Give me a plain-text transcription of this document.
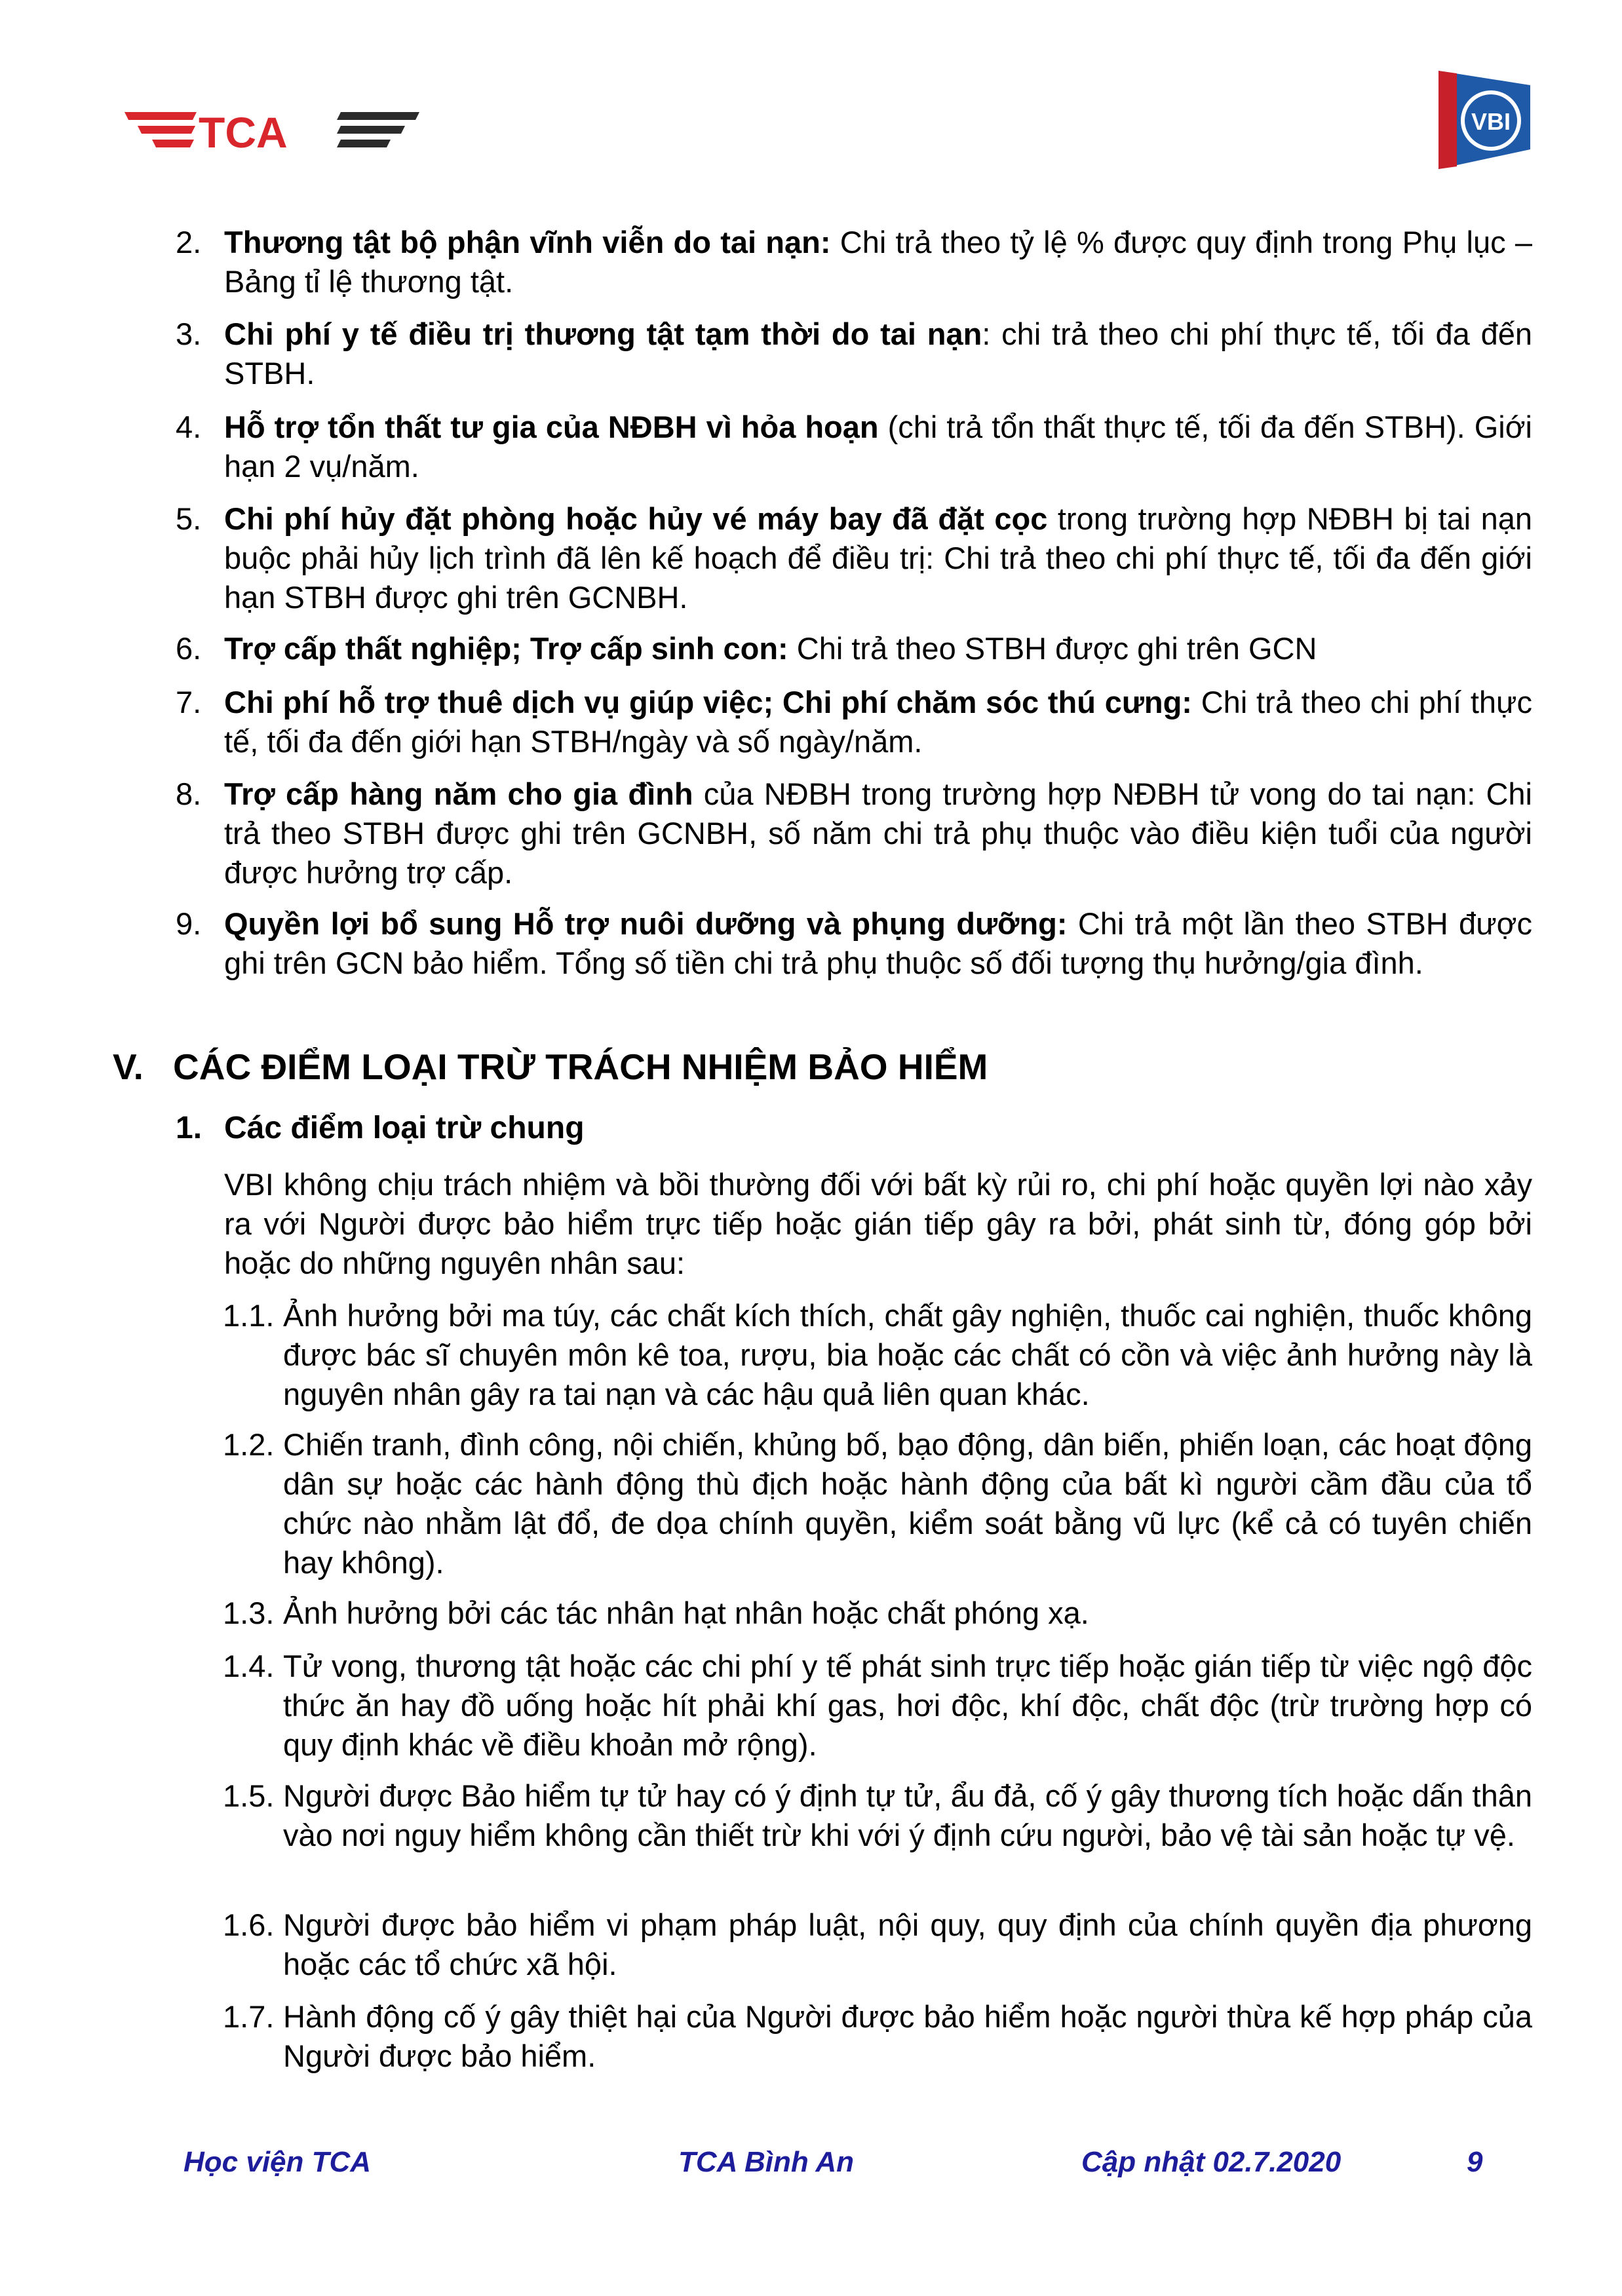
TCA	VBI
2. Thương tật bộ phận vĩnh viễn do tai nạn: Chi trả theo tỷ lệ % được quy định trong Phụ lục – Bảng tỉ lệ thương tật.
3. Chi phí y tế điều trị thương tật tạm thời do tai nạn: chi trả theo chi phí thực tế, tối đa đến STBH.
4. Hỗ trợ tổn thất tư gia của NĐBH vì hỏa hoạn (chi trả tổn thất thực tế, tối đa đến STBH). Giới hạn 2 vụ/năm.
5. Chi phí hủy đặt phòng hoặc hủy vé máy bay đã đặt cọc trong trường hợp NĐBH bị tai nạn buộc phải hủy lịch trình đã lên kế hoạch để điều trị: Chi trả theo chi phí thực tế, tối đa đến giới hạn STBH được ghi trên GCNBH.
6. Trợ cấp thất nghiệp; Trợ cấp sinh con: Chi trả theo STBH được ghi trên GCN
7. Chi phí hỗ trợ thuê dịch vụ giúp việc; Chi phí chăm sóc thú cưng: Chi trả theo chi phí thực tế, tối đa đến giới hạn STBH/ngày và số ngày/năm.
8. Trợ cấp hàng năm cho gia đình của NĐBH trong trường hợp NĐBH tử vong do tai nạn: Chi trả theo STBH được ghi trên GCNBH, số năm chi trả phụ thuộc vào điều kiện tuổi của người được hưởng trợ cấp.
9. Quyền lợi bổ sung Hỗ trợ nuôi dưỡng và phụng dưỡng: Chi trả một lần theo STBH được ghi trên GCN bảo hiểm. Tổng số tiền chi trả phụ thuộc số đối tượng thụ hưởng/gia đình.
V. CÁC ĐIỂM LOẠI TRỪ TRÁCH NHIỆM BẢO HIỂM
1. Các điểm loại trừ chung
VBI không chịu trách nhiệm và bồi thường đối với bất kỳ rủi ro, chi phí hoặc quyền lợi nào xảy ra với Người được bảo hiểm trực tiếp hoặc gián tiếp gây ra bởi, phát sinh từ, đóng góp bởi hoặc do những nguyên nhân sau:
1.1. Ảnh hưởng bởi ma túy, các chất kích thích, chất gây nghiện, thuốc cai nghiện, thuốc không được bác sĩ chuyên môn kê toa, rượu, bia hoặc các chất có cồn và việc ảnh hưởng này là nguyên nhân gây ra tai nạn và các hậu quả liên quan khác.
1.2. Chiến tranh, đình công, nội chiến, khủng bố, bạo động, dân biến, phiến loạn, các hoạt động dân sự hoặc các hành động thù địch hoặc hành động của bất kì người cầm đầu của tổ chức nào nhằm lật đổ, đe dọa chính quyền, kiểm soát bằng vũ lực (kể cả có tuyên chiến hay không).
1.3. Ảnh hưởng bởi các tác nhân hạt nhân hoặc chất phóng xạ.
1.4. Tử vong, thương tật hoặc các chi phí y tế phát sinh trực tiếp hoặc gián tiếp từ việc ngộ độc thức ăn hay đồ uống hoặc hít phải khí gas, hơi độc, khí độc, chất độc (trừ trường hợp có quy định khác về điều khoản mở rộng).
1.5. Người được Bảo hiểm tự tử hay có ý định tự tử, ẩu đả, cố ý gây thương tích hoặc dấn thân vào nơi nguy hiểm không cần thiết trừ khi với ý định cứu người, bảo vệ tài sản hoặc tự vệ.
1.6. Người được bảo hiểm vi phạm pháp luật, nội quy, quy định của chính quyền địa phương hoặc các tổ chức xã hội.
1.7. Hành động cố ý gây thiệt hại của Người được bảo hiểm hoặc người thừa kế hợp pháp của Người được bảo hiểm.
Học viện TCA	TCA Bình An	Cập nhật 02.7.2020	9
